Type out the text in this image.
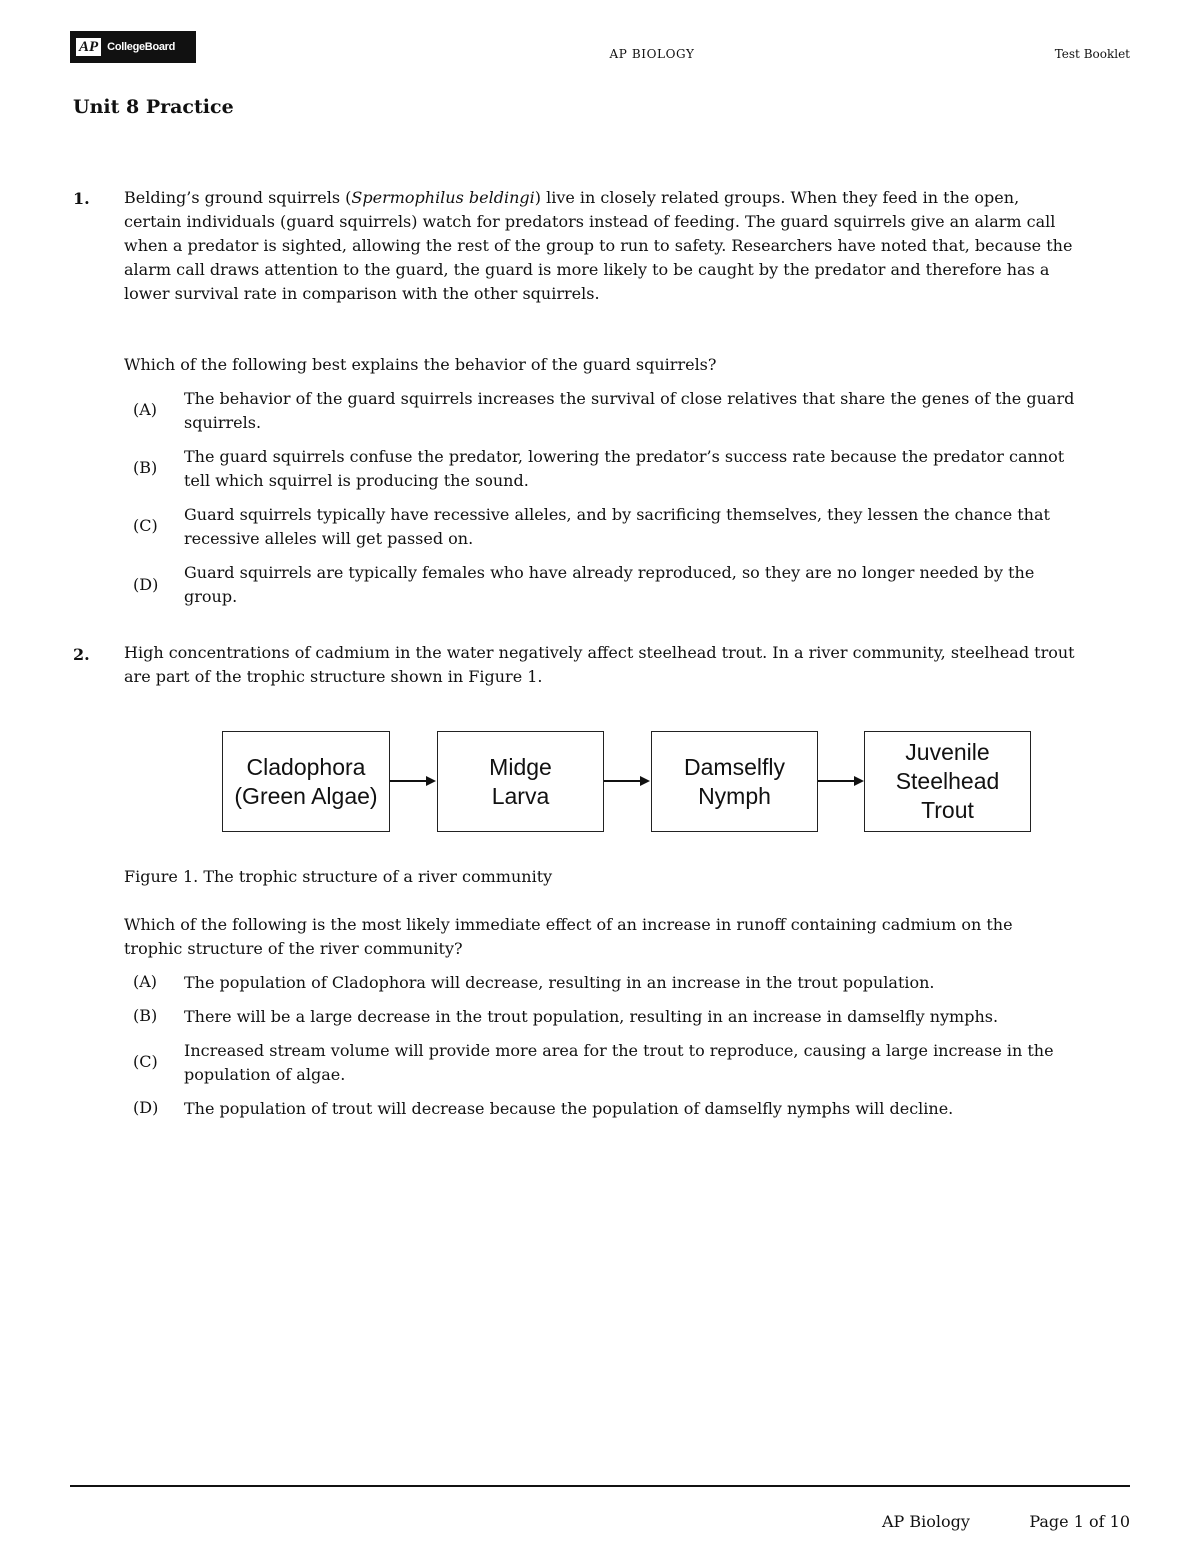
AP CollegeBoard	AP BIOLOGY	Test Booklet
Unit 8 Practice
1. Belding’s ground squirrels (Spermophilus beldingi) live in closely related groups. When they feed in the open,
certain individuals (guard squirrels) watch for predators instead of feeding. The guard squirrels give an alarm call
when a predator is sighted, allowing the rest of the group to run to safety. Researchers have noted that, because the
alarm call draws attention to the guard, the guard is more likely to be caught by the predator and therefore has a
lower survival rate in comparison with the other squirrels.
Which of the following best explains the behavior of the guard squirrels?
(A)
The behavior of the guard squirrels increases the survival of close relatives that share the genes of the guard
squirrels.
(B)
The guard squirrels confuse the predator, lowering the predator’s success rate because the predator cannot
tell which squirrel is producing the sound.
(C)
Guard squirrels typically have recessive alleles, and by sacrificing themselves, they lessen the chance that
recessive alleles will get passed on.
(D)
Guard squirrels are typically females who have already reproduced, so they are no longer needed by the
group.
2. High concentrations of cadmium in the water negatively affect steelhead trout. In a river community, steelhead trout
are part of the trophic structure shown in Figure 1.
Cladophora
(Green Algae)
Midge
Larva
Damselfly
Nymph
Juvenile
Steelhead
Trout
Figure 1. The trophic structure of a river community
Which of the following is the most likely immediate effect of an increase in runoff containing cadmium on the
trophic structure of the river community?
(A) The population of Cladophora will decrease, resulting in an increase in the trout population.
(B) There will be a large decrease in the trout population, resulting in an increase in damselfly nymphs.
(C)
Increased stream volume will provide more area for the trout to reproduce, causing a large increase in the
population of algae.
(D) The population of trout will decrease because the population of damselfly nymphs will decline.
AP Biology	Page 1 of 10
